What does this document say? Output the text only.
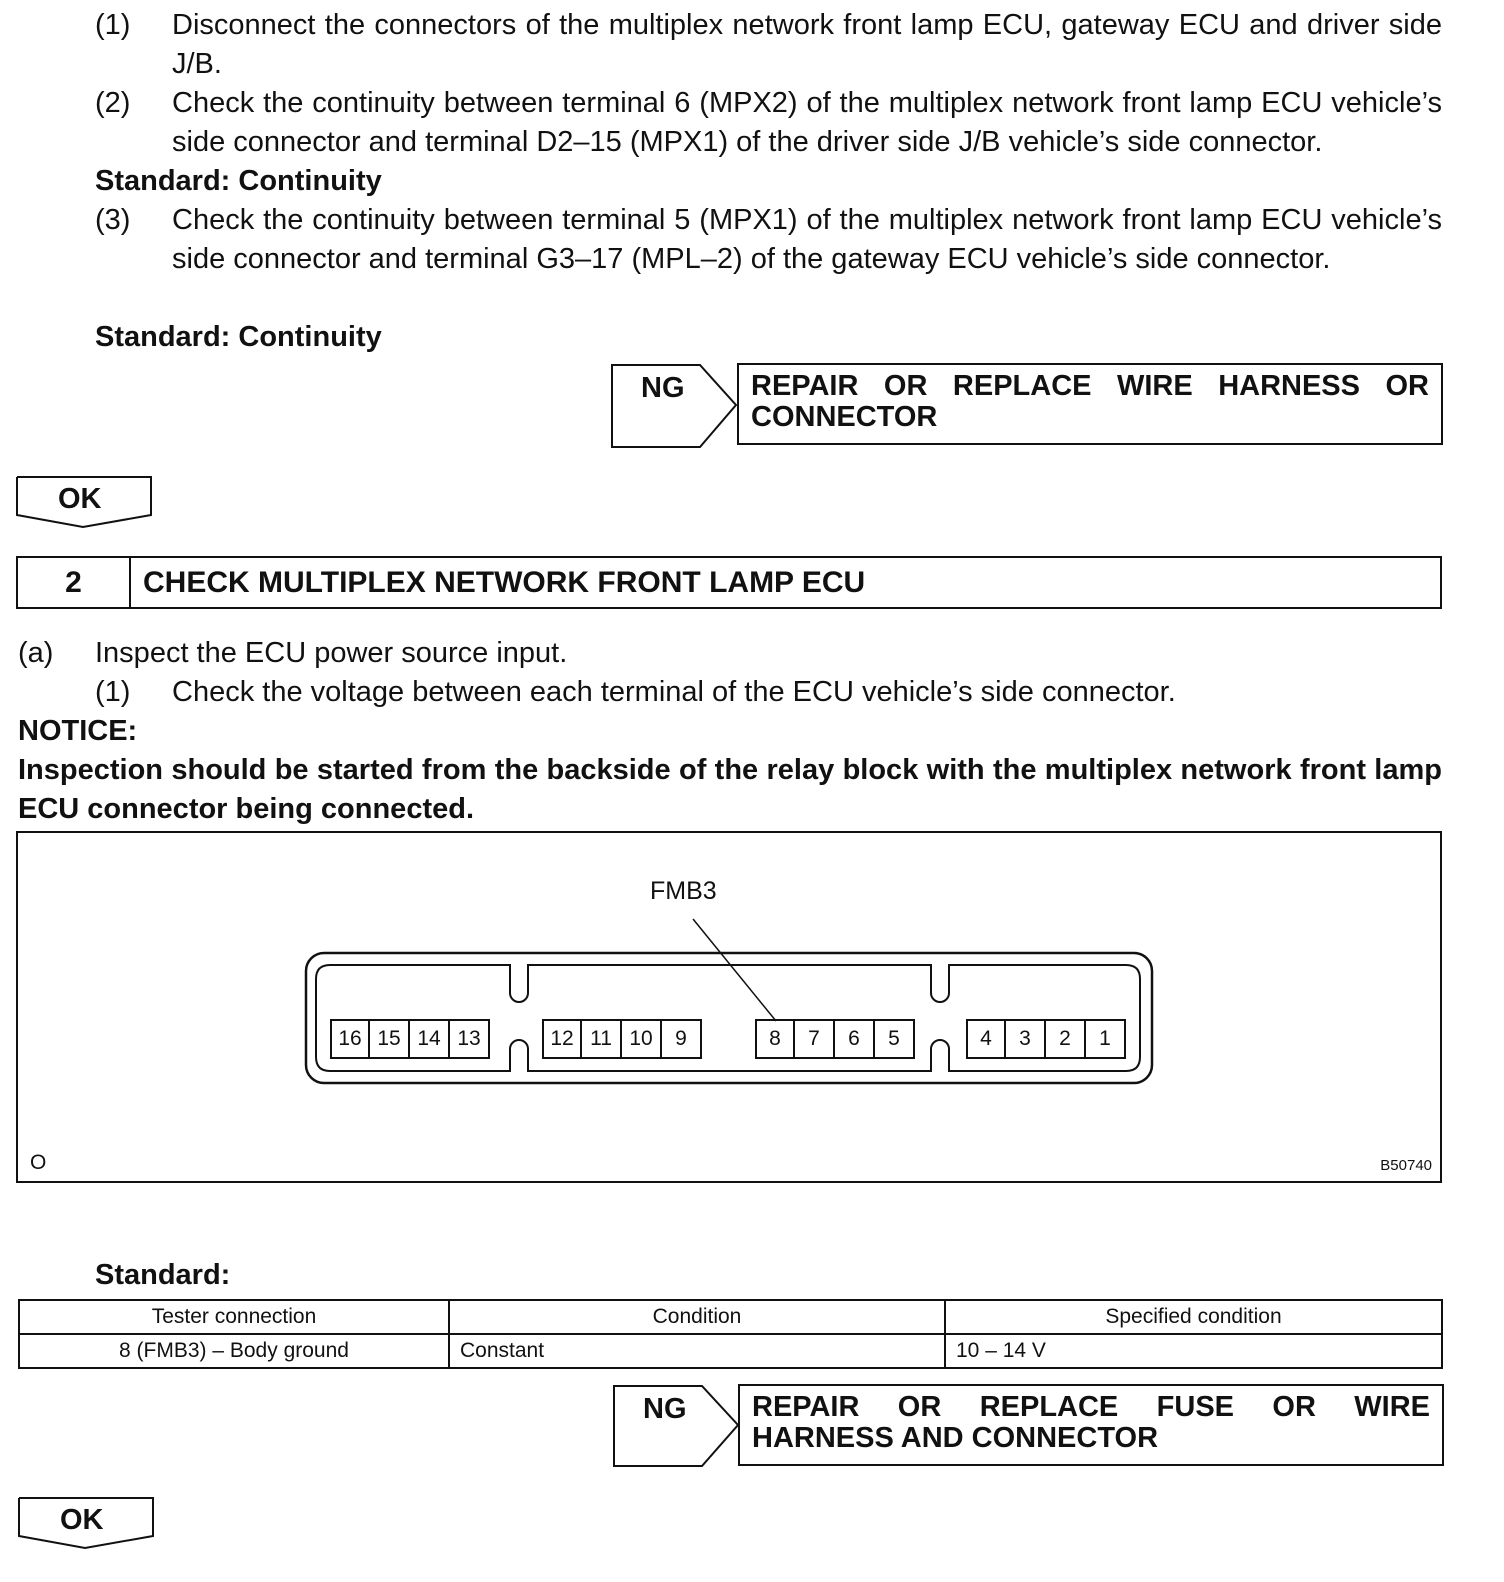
(1) Disconnect the connectors of the multiplex network front lamp ECU, gateway ECU and driver side J/B.
(2) Check the continuity between terminal 6 (MPX2) of the multiplex network front lamp ECU vehicle’s side connector and terminal D2–15 (MPX1) of the driver side J/B vehicle’s side connector.
Standard: Continuity
(3) Check the continuity between terminal 5 (MPX1) of the multiplex network front lamp ECU vehicle’s side connector and terminal G3–17 (MPL–2) of the gateway ECU vehicle’s side connector.
Standard: Continuity
NG REPAIR OR REPLACE WIRE HARNESS OR
CONNECTOR
OK
2	CHECK MULTIPLEX NETWORK FRONT LAMP ECU
(a) Inspect the ECU power source input.
(1) Check the voltage between each terminal of the ECU vehicle’s side connector.
NOTICE:
Inspection should be started from the backside of the relay block with the multiplex network front lamp ECU connector being connected.
FMB3
16 15 14 13	12 11 10	9	8	7	6	5	4	3	2	1
O	B50740
Standard:
Tester connection	Condition	Specified condition
8 (FMB3) – Body ground	Constant	10 – 14 V
NG REPAIR OR REPLACE FUSE OR WIRE
HARNESS AND CONNECTOR
OK
